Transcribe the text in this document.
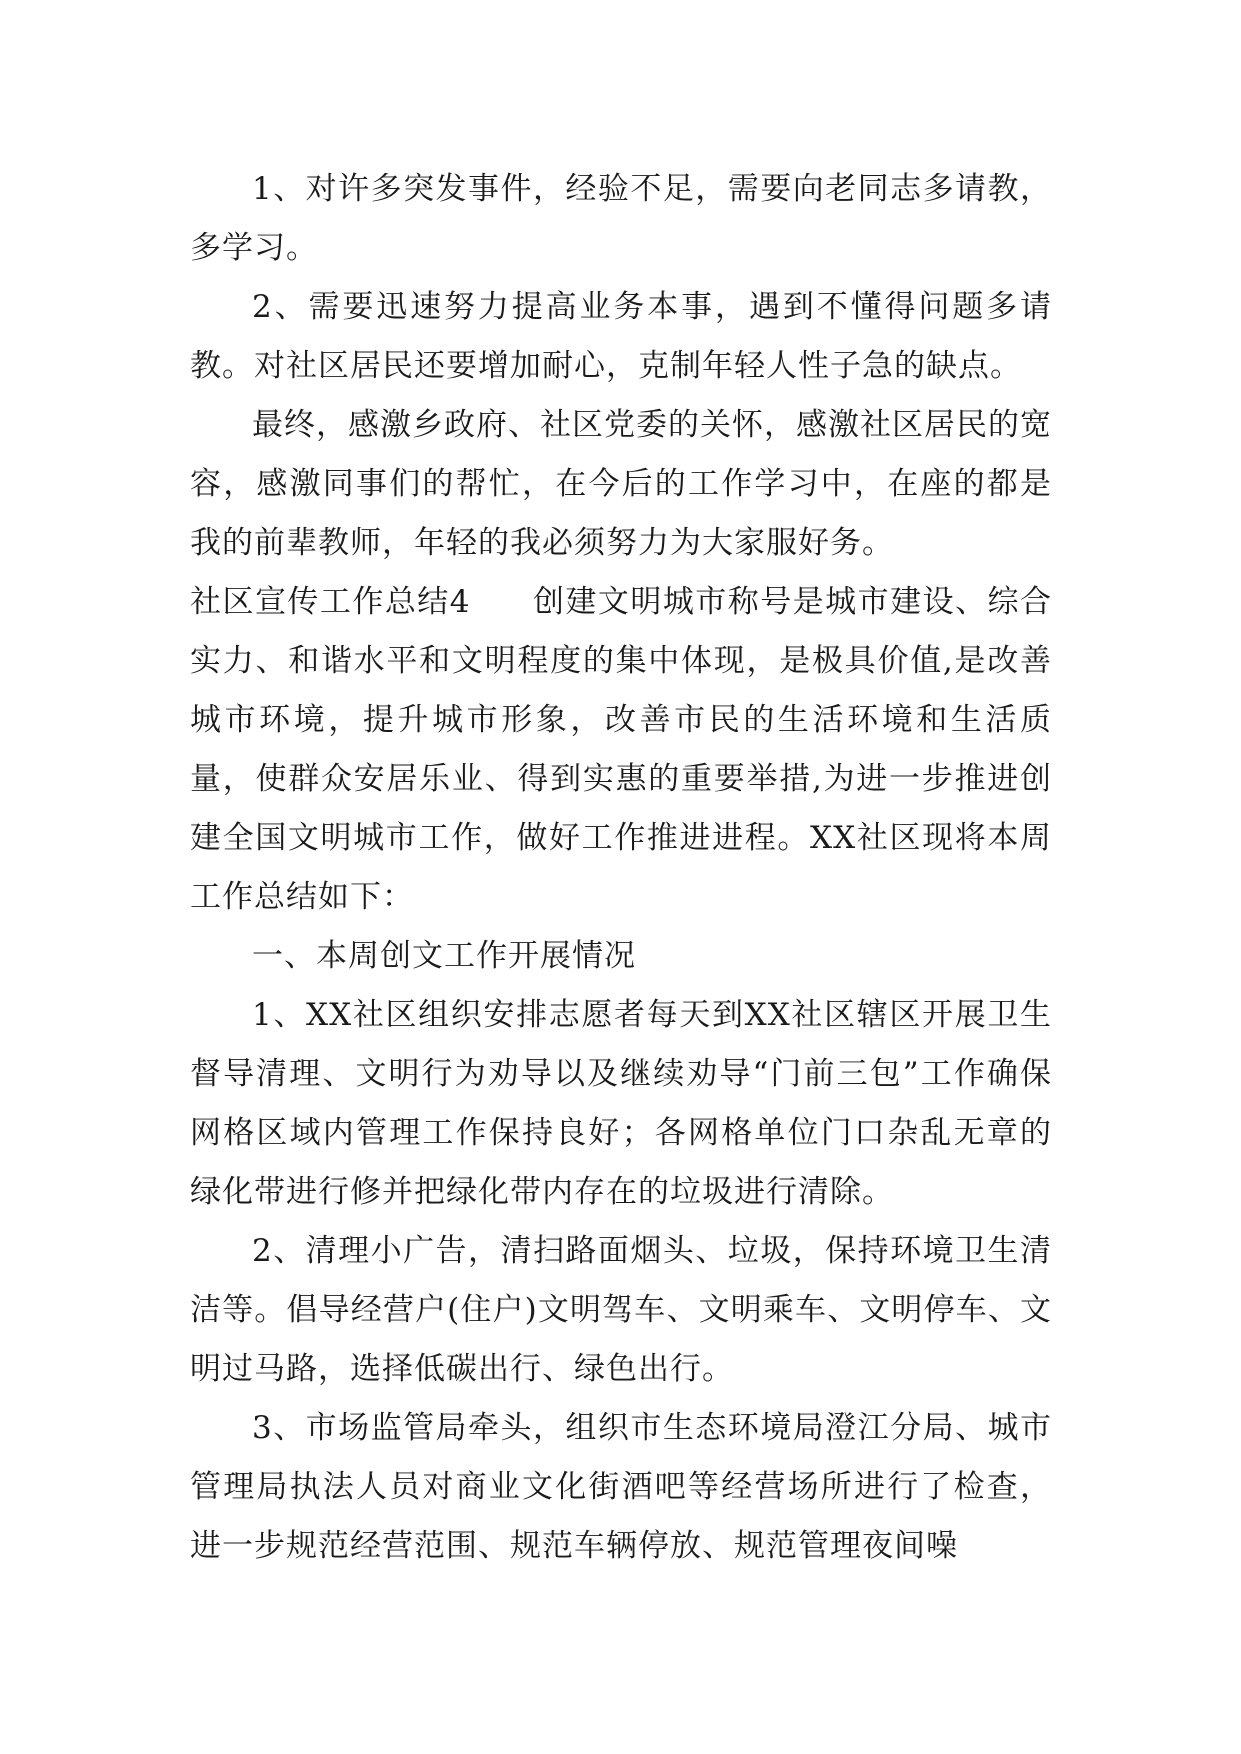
1、对许多突发事件，经验不足，需要向老同志多请教，多学习。

2、需要迅速努力提高业务本事，遇到不懂得问题多请教。对社区居民还要增加耐心，克制年轻人性子急的缺点。

最终，感激乡政府、社区党委的关怀，感激社区居民的宽容，感激同事们的帮忙，在今后的工作学习中，在座的都是我的前辈教师，年轻的我必须努力为大家服好务。

社区宣传工作总结4 创建文明城市称号是城市建设、综合实力、和谐水平和文明程度的集中体现，是极具价值,是改善城市环境，提升城市形象，改善市民的生活环境和生活质量，使群众安居乐业、得到实惠的重要举措,为进一步推进创建全国文明城市工作，做好工作推进进程。XX社区现将本周工作总结如下：

一、本周创文工作开展情况

1、XX社区组织安排志愿者每天到XX社区辖区开展卫生督导清理、文明行为劝导以及继续劝导“门前三包”工作确保网格区域内管理工作保持良好；各网格单位门口杂乱无章的绿化带进行修并把绿化带内存在的垃圾进行清除。

2、清理小广告，清扫路面烟头、垃圾，保持环境卫生清洁等。倡导经营户(住户)文明驾车、文明乘车、文明停车、文明过马路，选择低碳出行、绿色出行。

3、市场监管局牵头，组织市生态环境局澄江分局、城市管理局执法人员对商业文化街酒吧等经营场所进行了检查，进一步规范经营范围、规范车辆停放、规范管理夜间噪
